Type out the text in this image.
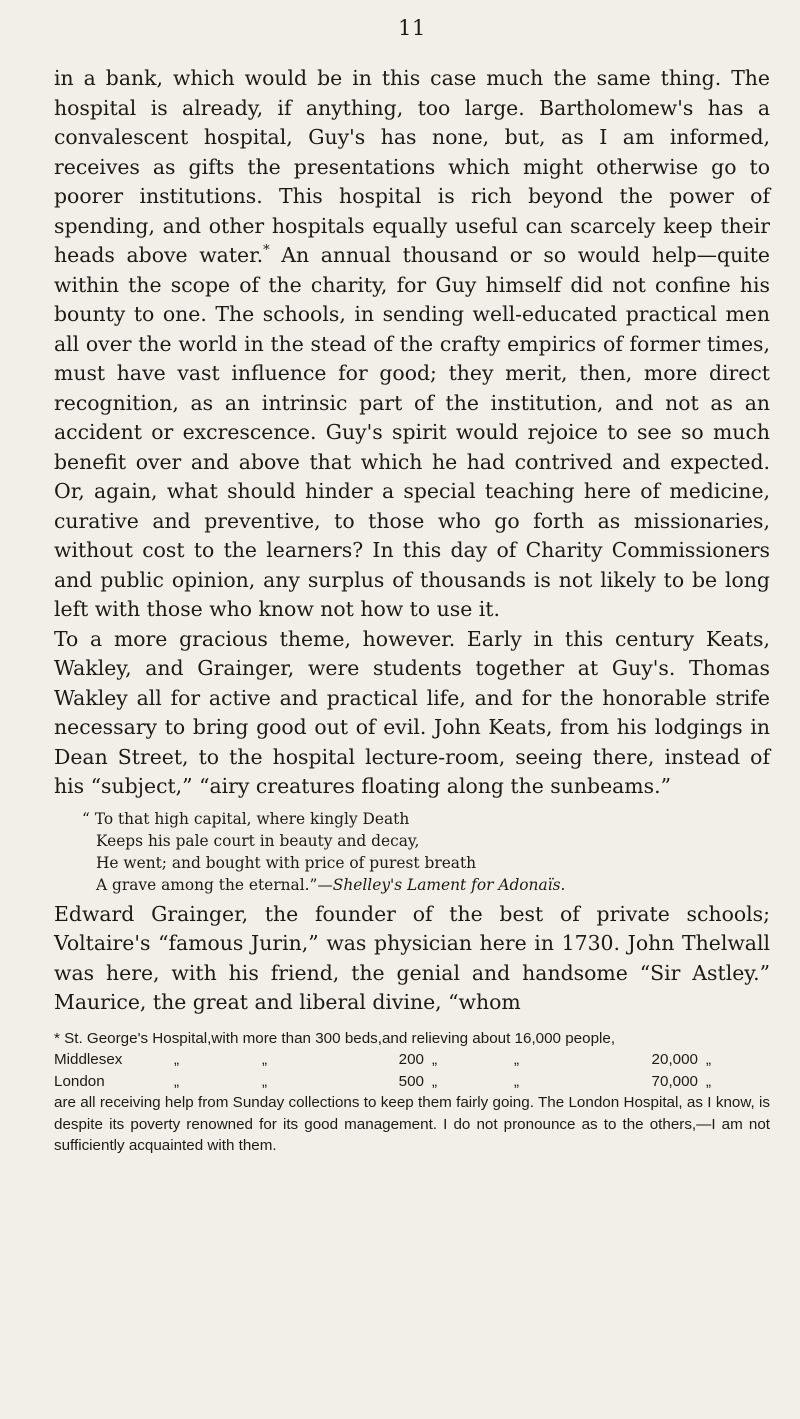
11

in a bank, which would be in this case much the same thing. The hospital is already, if anything, too large. Bartholomew's has a convalescent hospital, Guy's has none, but, as I am informed, receives as gifts the presentations which might otherwise go to poorer institutions. This hospital is rich beyond the power of spending, and other hospitals equally useful can scarcely keep their heads above water.* An annual thousand or so would help—quite within the scope of the charity, for Guy himself did not confine his bounty to one. The schools, in sending well-educated practical men all over the world in the stead of the crafty empirics of former times, must have vast influence for good; they merit, then, more direct recognition, as an intrinsic part of the institution, and not as an accident or excrescence. Guy's spirit would rejoice to see so much benefit over and above that which he had contrived and expected. Or, again, what should hinder a special teaching here of medicine, curative and preventive, to those who go forth as missionaries, without cost to the learners? In this day of Charity Commissioners and public opinion, any surplus of thousands is not likely to be long left with those who know not how to use it.

To a more gracious theme, however. Early in this century Keats, Wakley, and Grainger, were students together at Guy's. Thomas Wakley all for active and practical life, and for the honorable strife necessary to bring good out of evil. John Keats, from his lodgings in Dean Street, to the hospital lecture-room, seeing there, instead of his “subject,” “airy creatures floating along the sunbeams.”

“ To that high capital, where kingly Death
Keeps his pale court in beauty and decay,
He went; and bought with price of purest breath
A grave among the eternal.”—Shelley's Lament for Adonaïs.

Edward Grainger, the founder of the best of private schools; Voltaire's “famous Jurin,” was physician here in 1730. John Thelwall was here, with his friend, the genial and handsome “Sir Astley.” Maurice, the great and liberal divine, “whom

* St. George's Hospital,with more than 300 beds,and relieving about 16,000 people,
Middlesex	„	„	200	„	„	20,000	„
London	„	„	500	„	„	70,000	„
are all receiving help from Sunday collections to keep them fairly going. The London Hospital, as I know, is despite its poverty renowned for its good management. I do not pronounce as to the others,—I am not sufficiently acquainted with them.
